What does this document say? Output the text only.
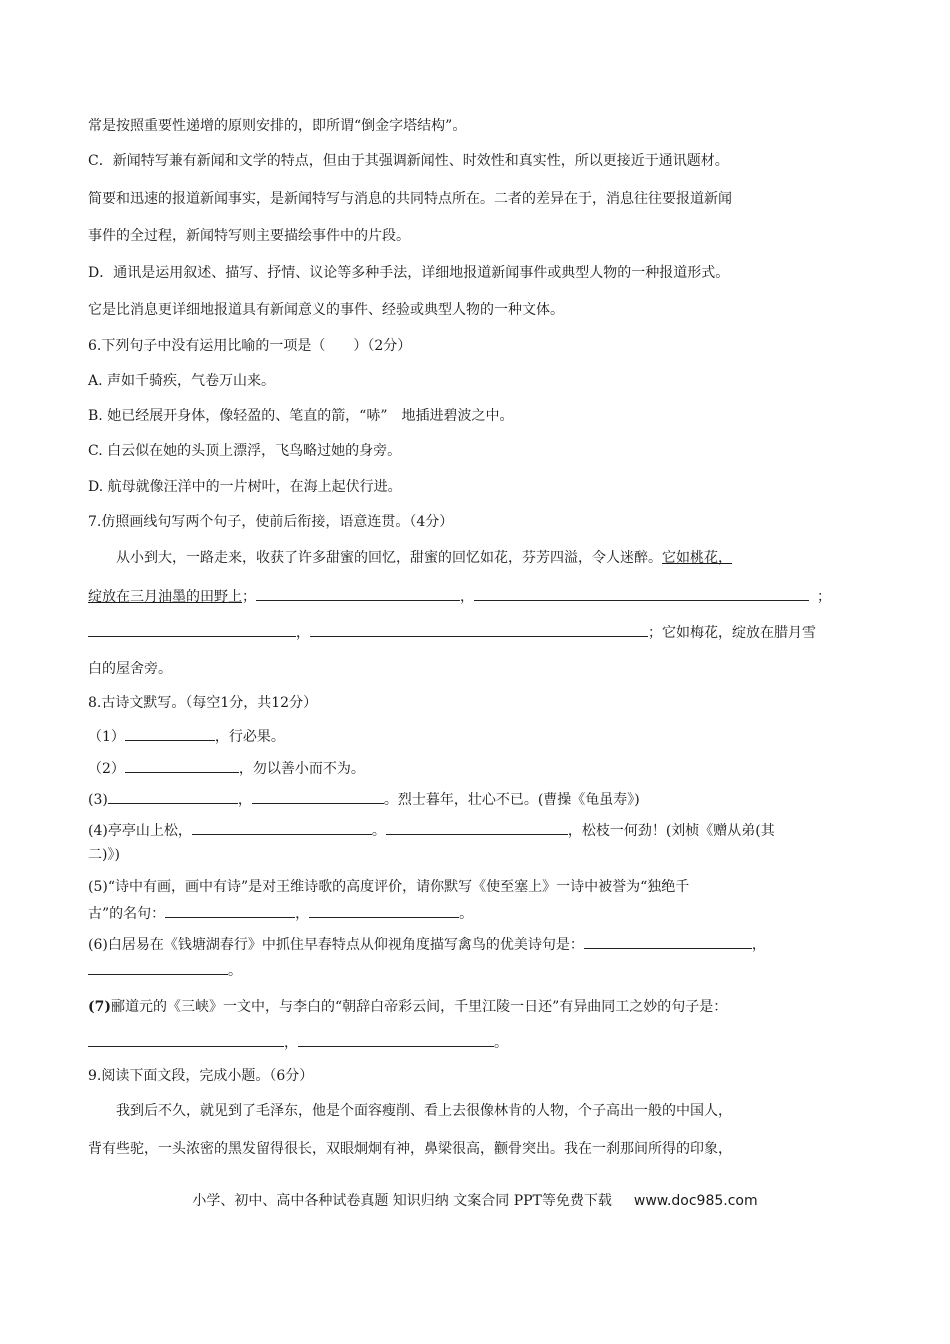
常是按照重要性递增的原则安排的，即所谓“倒金字塔结构”。
C．新闻特写兼有新闻和文学的特点，但由于其强调新闻性、时效性和真实性，所以更接近于通讯题材。
简要和迅速的报道新闻事实，是新闻特写与消息的共同特点所在。二者的差异在于，消息往往要报道新闻
事件的全过程，新闻特写则主要描绘事件中的片段。
D．通讯是运用叙述、描写、抒情、议论等多种手法，详细地报道新闻事件或典型人物的一种报道形式。
它是比消息更详细地报道具有新闻意义的事件、经验或典型人物的一种文体。
6.下列句子中没有运用比喻的一项是（　　）（2分）
A. 声如千骑疾，气卷万山来。
B. 她已经展开身体，像轻盈的、笔直的箭，“哧” 地插进碧波之中。
C. 白云似在她的头顶上漂浮，飞鸟略过她的身旁。
D. 航母就像汪洋中的一片树叶，在海上起伏行进。
7.仿照画线句写两个句子，使前后衔接，语意连贯。（4分）
从小到大，一路走来，收获了许多甜蜜的回忆，甜蜜的回忆如花，芬芳四溢，令人迷醉。它如桃花，
绽放在三月油墨的田野上；	，	；
，	；它如梅花，绽放在腊月雪
白的屋舍旁。
8.古诗文默写。（每空1分，共12分）
（1）	，行必果。
（2）	，勿以善小而不为。
(3)	，	。烈士暮年，壮心不已。(曹操《龟虽寿》)
(4)亭亭山上松，	。	，松枝一何劲！(刘桢《赠从弟(其
二)》)
(5)“诗中有画，画中有诗”是对王维诗歌的高度评价，请你默写《使至塞上》一诗中被誉为“独绝千
古”的名句：	，	。
(6)白居易在《钱塘湖春行》中抓住早春特点从仰视角度描写禽鸟的优美诗句是：	，
。
(7)郦道元的《三峡》一文中，与李白的“朝辞白帝彩云间，千里江陵一日还”有异曲同工之妙的句子是：
，	。
9.阅读下面文段，完成小题。（6分）
我到后不久，就见到了毛泽东，他是个面容瘦削、看上去很像林肯的人物，个子高出一般的中国人，
背有些驼，一头浓密的黑发留得很长，双眼炯炯有神，鼻梁很高，颧骨突出。我在一刹那间所得的印象，
小学、初中、高中各种试卷真题 知识归纳 文案合同 PPT等免费下载 www.doc985.com
